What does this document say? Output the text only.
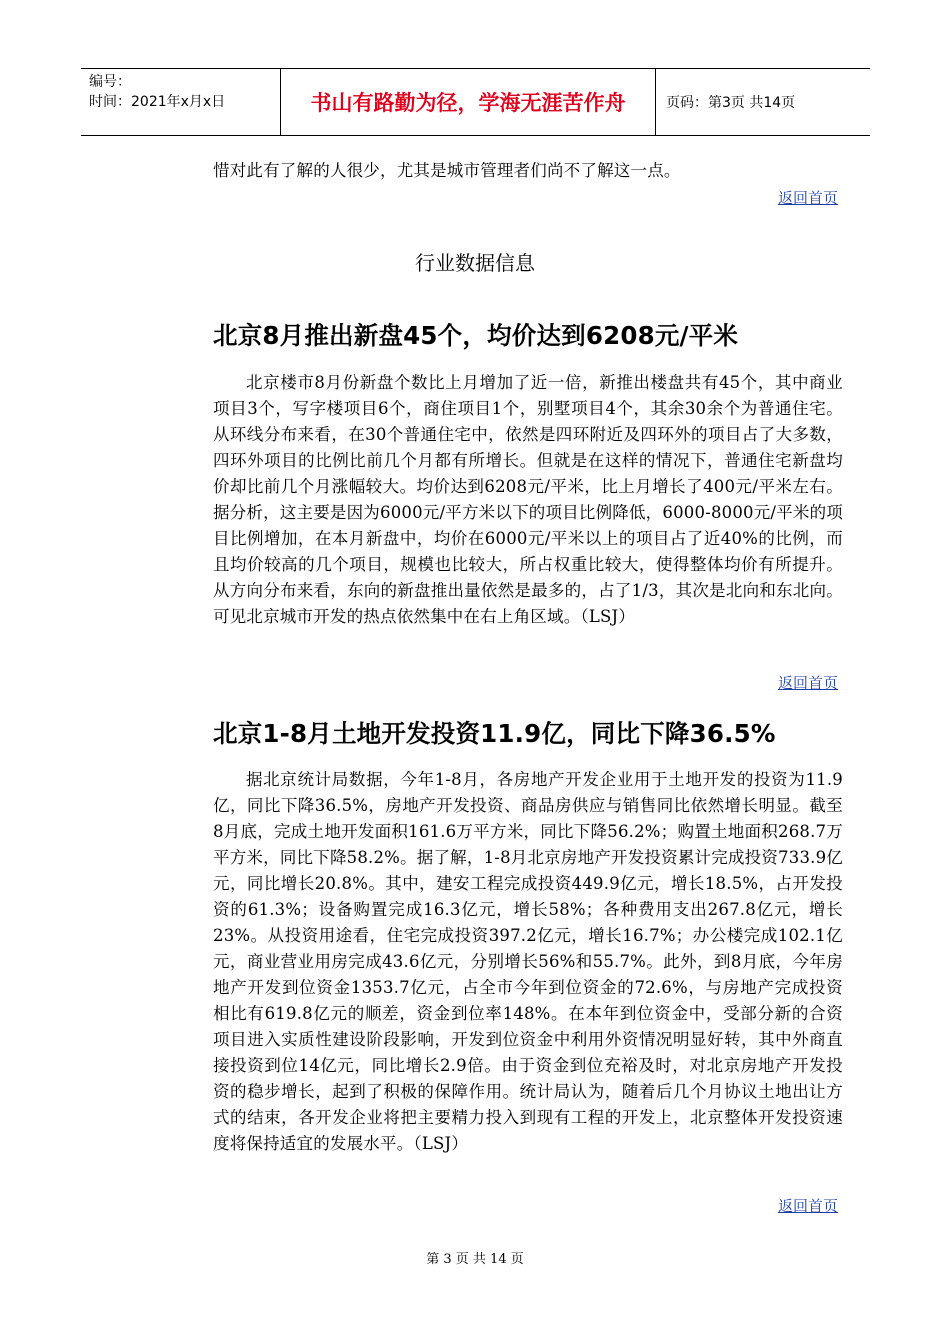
编号：
时间：2021年x月x日	书山有路勤为径，学海无涯苦作舟	页码：第3页 共14页

惜对此有了解的人很少，尤其是城市管理者们尚不了解这一点。

返回首页
行业数据信息
北京8月推出新盘45个，均价达到6208元/平米

北京楼市8月份新盘个数比上月增加了近一倍，新推出楼盘共有45个，其中商业项目3个，写字楼项目6个，商住项目1个，别墅项目4个，其余30余个为普通住宅。从环线分布来看，在30个普通住宅中，依然是四环附近及四环外的项目占了大多数，四环外项目的比例比前几个月都有所增长。但就是在这样的情况下，普通住宅新盘均价却比前几个月涨幅较大。均价达到6208元/平米，比上月增长了400元/平米左右。据分析，这主要是因为6000元/平方米以下的项目比例降低，6000-8000元/平米的项目比例增加，在本月新盘中，均价在6000元/平米以上的项目占了近40%的比例，而且均价较高的几个项目，规模也比较大，所占权重比较大，使得整体均价有所提升。从方向分布来看，东向的新盘推出量依然是最多的，占了1/3，其次是北向和东北向。可见北京城市开发的热点依然集中在右上角区域。（LSJ）

返回首页
北京1-8月土地开发投资11.9亿，同比下降36.5%

据北京统计局数据，今年1-8月，各房地产开发企业用于土地开发的投资为11.9亿，同比下降36.5%，房地产开发投资、商品房供应与销售同比依然增长明显。截至8月底，完成土地开发面积161.6万平方米，同比下降56.2%；购置土地面积268.7万平方米，同比下降58.2%。据了解，1-8月北京房地产开发投资累计完成投资733.9亿元，同比增长20.8%。其中，建安工程完成投资449.9亿元，增长18.5%，占开发投资的61.3%；设备购置完成16.3亿元，增长58%；各种费用支出267.8亿元，增长23%。从投资用途看，住宅完成投资397.2亿元，增长16.7%；办公楼完成102.1亿元，商业营业用房完成43.6亿元，分别增长56%和55.7%。此外，到8月底，今年房地产开发到位资金1353.7亿元，占全市今年到位资金的72.6%，与房地产完成投资相比有619.8亿元的顺差，资金到位率148%。在本年到位资金中，受部分新的合资项目进入实质性建设阶段影响，开发到位资金中利用外资情况明显好转，其中外商直接投资到位14亿元，同比增长2.9倍。由于资金到位充裕及时，对北京房地产开发投资的稳步增长，起到了积极的保障作用。统计局认为，随着后几个月协议土地出让方式的结束，各开发企业将把主要精力投入到现有工程的开发上，北京整体开发投资速度将保持适宜的发展水平。（LSJ）

返回首页
第 3 页 共 14 页
